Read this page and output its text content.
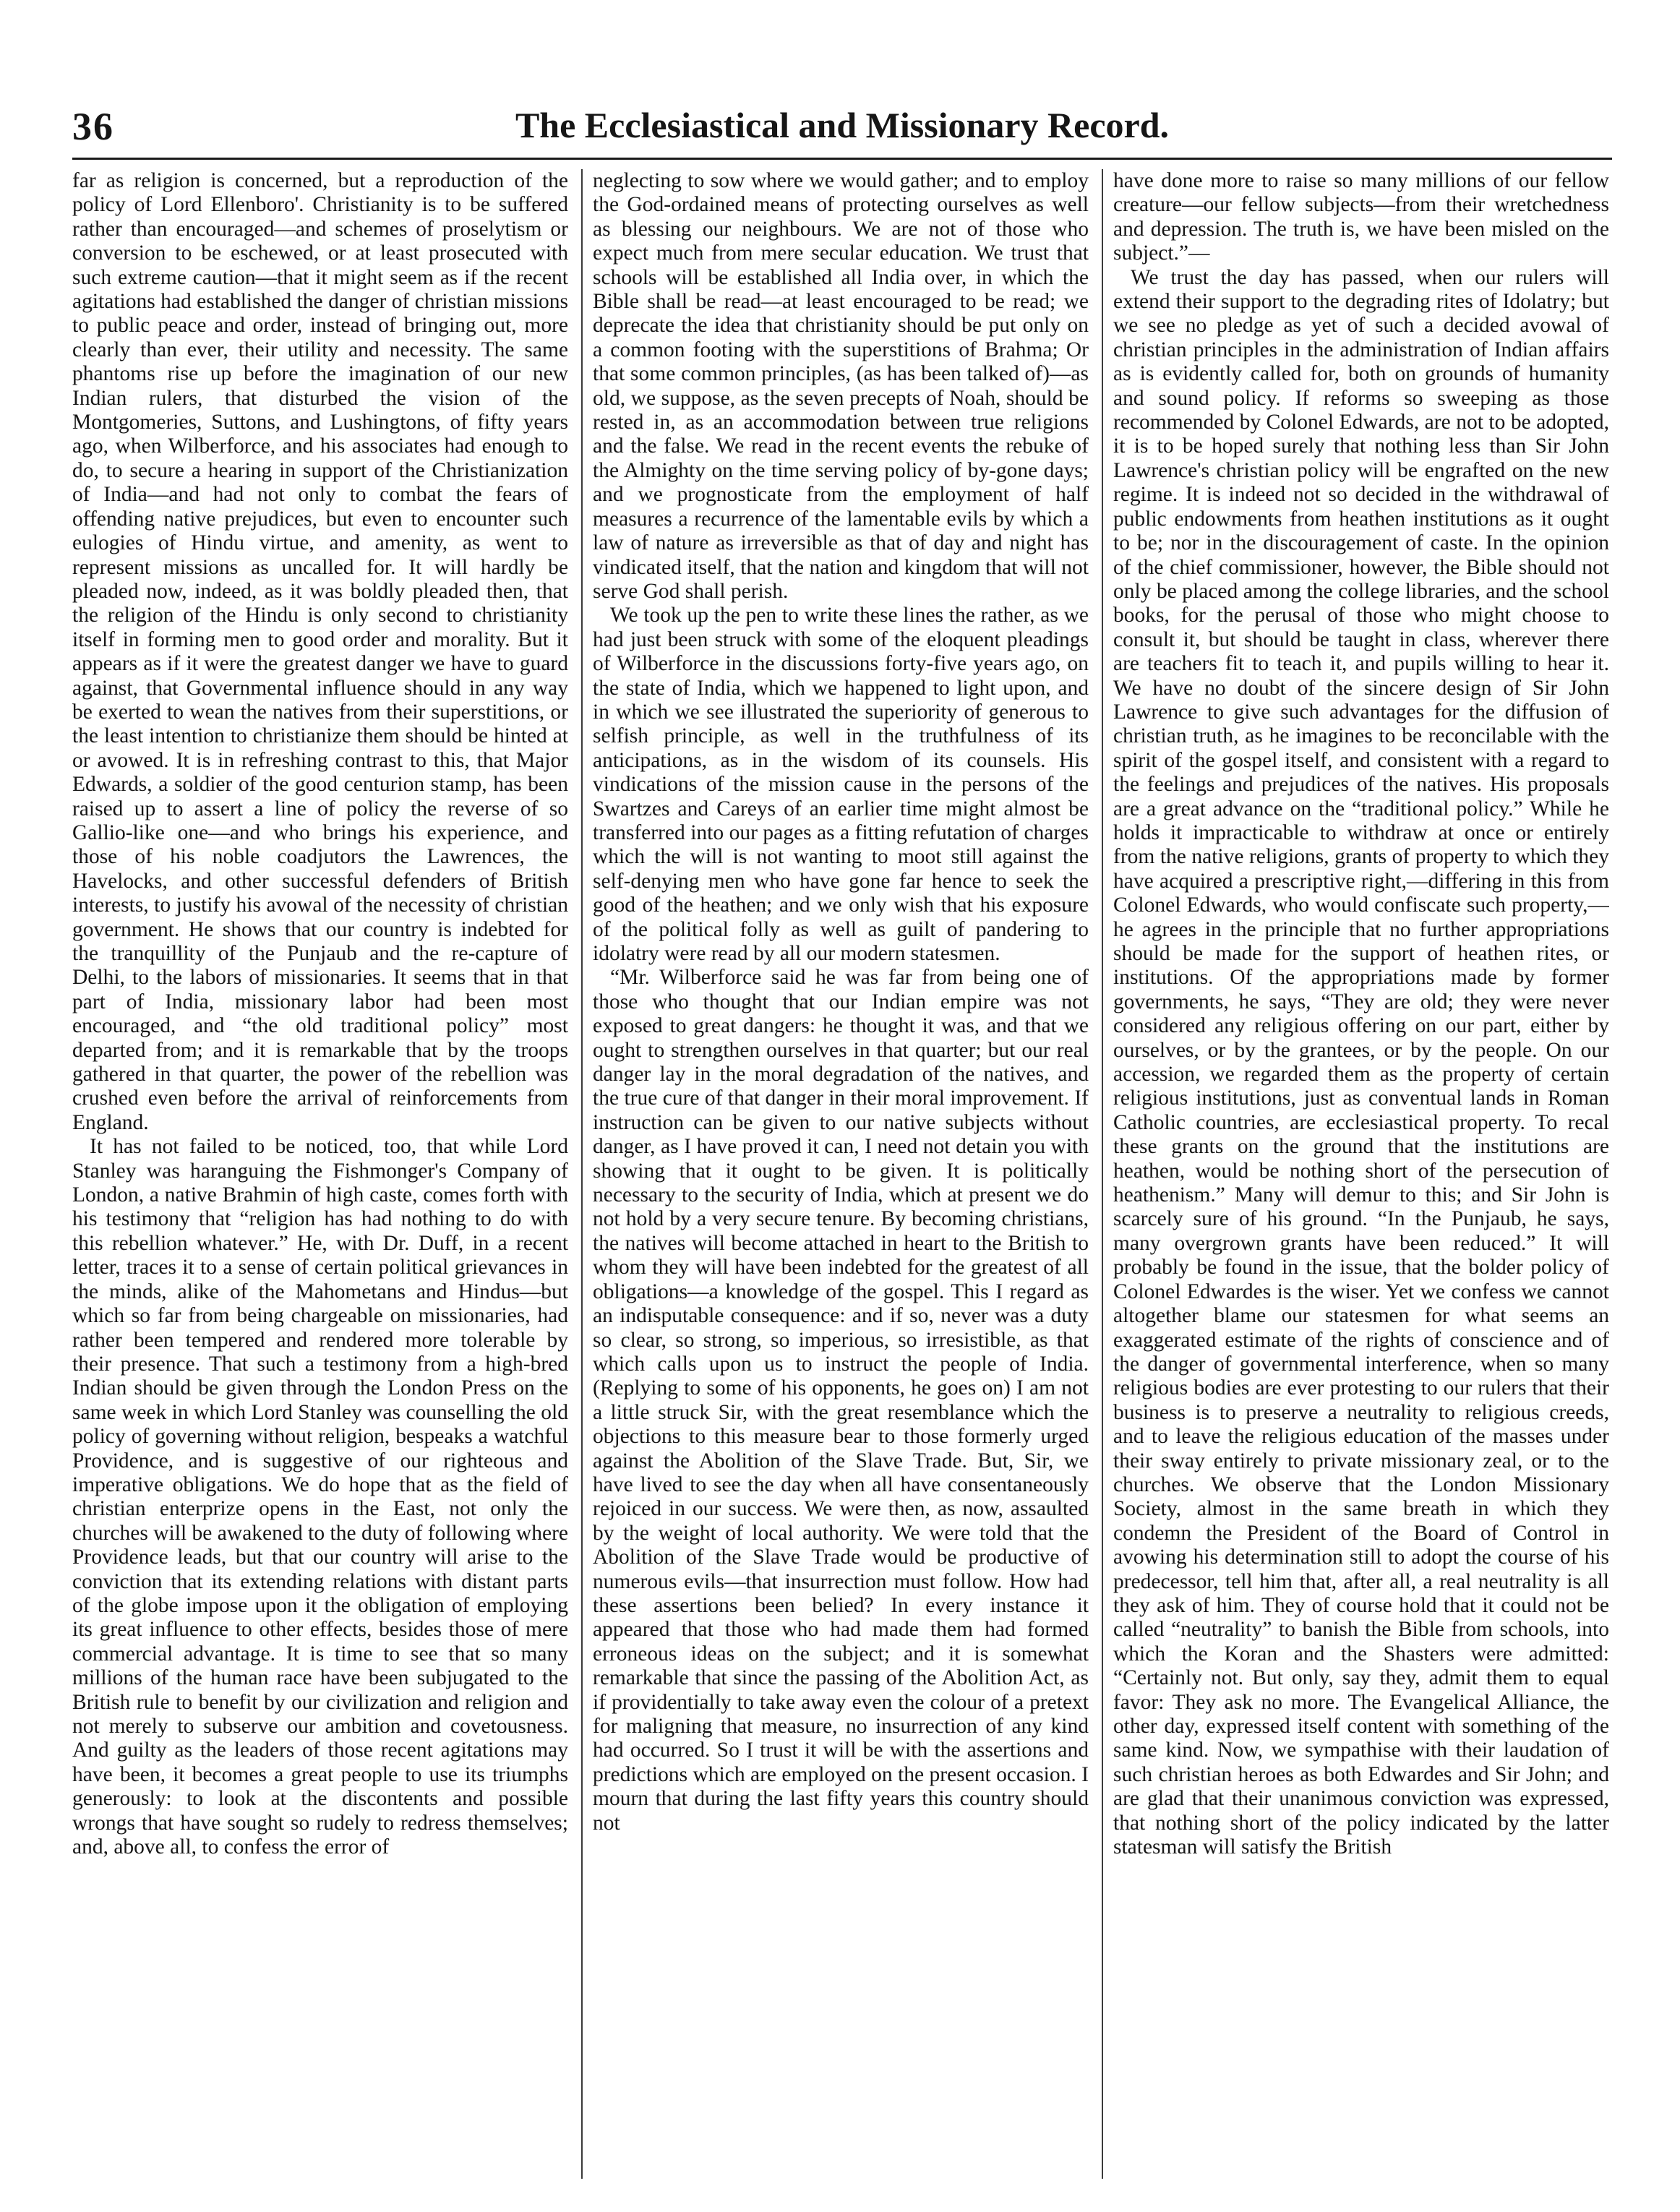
36	The Ecclesiastical and Missionary Record.

far as religion is concerned, but a reproduction of the policy of Lord Ellenboro'. Christianity is to be suffered rather than encouraged—and schemes of proselytism or conversion to be eschewed, or at least prosecuted with such extreme caution—that it might seem as if the recent agitations had established the danger of christian missions to public peace and order, instead of bringing out, more clearly than ever, their utility and necessity. The same phantoms rise up before the imagination of our new Indian rulers, that disturbed the vision of the Montgomeries, Suttons, and Lushingtons, of fifty years ago, when Wilberforce, and his associates had enough to do, to secure a hearing in support of the Christianization of India—and had not only to combat the fears of offending native prejudices, but even to encounter such eulogies of Hindu virtue, and amenity, as went to represent missions as uncalled for. It will hardly be pleaded now, indeed, as it was boldly pleaded then, that the religion of the Hindu is only second to christianity itself in forming men to good order and morality. But it appears as if it were the greatest danger we have to guard against, that Governmental influence should in any way be exerted to wean the natives from their superstitions, or the least intention to christianize them should be hinted at or avowed. It is in refreshing contrast to this, that Major Edwards, a soldier of the good centurion stamp, has been raised up to assert a line of policy the reverse of so Gallio-like one—and who brings his experience, and those of his noble coadjutors the Lawrences, the Havelocks, and other successful defenders of British interests, to justify his avowal of the necessity of christian government. He shows that our country is indebted for the tranquillity of the Punjaub and the re-capture of Delhi, to the labors of missionaries. It seems that in that part of India, missionary labor had been most encouraged, and “the old traditional policy” most departed from; and it is remarkable that by the troops gathered in that quarter, the power of the rebellion was crushed even before the arrival of reinforcements from England.

It has not failed to be noticed, too, that while Lord Stanley was haranguing the Fishmonger's Company of London, a native Brahmin of high caste, comes forth with his testimony that “religion has had nothing to do with this rebellion whatever.” He, with Dr. Duff, in a recent letter, traces it to a sense of certain political grievances in the minds, alike of the Mahometans and Hindus—but which so far from being chargeable on missionaries, had rather been tempered and rendered more tolerable by their presence. That such a testimony from a high-bred Indian should be given through the London Press on the same week in which Lord Stanley was counselling the old policy of governing without religion, bespeaks a watchful Providence, and is suggestive of our righteous and imperative obligations. We do hope that as the field of christian enterprize opens in the East, not only the churches will be awakened to the duty of following where Providence leads, but that our country will arise to the conviction that its extending relations with distant parts of the globe impose upon it the obligation of employing its great influence to other effects, besides those of mere commercial advantage. It is time to see that so many millions of the human race have been subjugated to the British rule to benefit by our civilization and religion and not merely to subserve our ambition and covetousness. And guilty as the leaders of those recent agitations may have been, it becomes a great people to use its triumphs generously: to look at the discontents and possible wrongs that have sought so rudely to redress themselves; and, above all, to confess the error of

neglecting to sow where we would gather; and to employ the God-ordained means of protecting ourselves as well as blessing our neighbours. We are not of those who expect much from mere secular education. We trust that schools will be established all India over, in which the Bible shall be read—at least encouraged to be read; we deprecate the idea that christianity should be put only on a common footing with the superstitions of Brahma; Or that some common principles, (as has been talked of)—as old, we suppose, as the seven precepts of Noah, should be rested in, as an accommodation between true religions and the false. We read in the recent events the rebuke of the Almighty on the time serving policy of by-gone days; and we prognosticate from the employment of half measures a recurrence of the lamentable evils by which a law of nature as irreversible as that of day and night has vindicated itself, that the nation and kingdom that will not serve God shall perish.

We took up the pen to write these lines the rather, as we had just been struck with some of the eloquent pleadings of Wilberforce in the discussions forty-five years ago, on the state of India, which we happened to light upon, and in which we see illustrated the superiority of generous to selfish principle, as well in the truthfulness of its anticipations, as in the wisdom of its counsels. His vindications of the mission cause in the persons of the Swartzes and Careys of an earlier time might almost be transferred into our pages as a fitting refutation of charges which the will is not wanting to moot still against the self-denying men who have gone far hence to seek the good of the heathen; and we only wish that his exposure of the political folly as well as guilt of pandering to idolatry were read by all our modern statesmen.

“Mr. Wilberforce said he was far from being one of those who thought that our Indian empire was not exposed to great dangers: he thought it was, and that we ought to strengthen ourselves in that quarter; but our real danger lay in the moral degradation of the natives, and the true cure of that danger in their moral improvement. If instruction can be given to our native subjects without danger, as I have proved it can, I need not detain you with showing that it ought to be given. It is politically necessary to the security of India, which at present we do not hold by a very secure tenure. By becoming christians, the natives will become attached in heart to the British to whom they will have been indebted for the greatest of all obligations—a knowledge of the gospel. This I regard as an indisputable consequence: and if so, never was a duty so clear, so strong, so imperious, so irresistible, as that which calls upon us to instruct the people of India. (Replying to some of his opponents, he goes on) I am not a little struck Sir, with the great resemblance which the objections to this measure bear to those formerly urged against the Abolition of the Slave Trade. But, Sir, we have lived to see the day when all have consentaneously rejoiced in our success. We were then, as now, assaulted by the weight of local authority. We were told that the Abolition of the Slave Trade would be productive of numerous evils—that insurrection must follow. How had these assertions been belied? In every instance it appeared that those who had made them had formed erroneous ideas on the subject; and it is somewhat remarkable that since the passing of the Abolition Act, as if providentially to take away even the colour of a pretext for maligning that measure, no insurrection of any kind had occurred. So I trust it will be with the assertions and predictions which are employed on the present occasion. I mourn that during the last fifty years this country should not

have done more to raise so many millions of our fellow creature—our fellow subjects—from their wretchedness and depression. The truth is, we have been misled on the subject.”—

We trust the day has passed, when our rulers will extend their support to the degrading rites of Idolatry; but we see no pledge as yet of such a decided avowal of christian principles in the administration of Indian affairs as is evidently called for, both on grounds of humanity and sound policy. If reforms so sweeping as those recommended by Colonel Edwards, are not to be adopted, it is to be hoped surely that nothing less than Sir John Lawrence's christian policy will be engrafted on the new regime. It is indeed not so decided in the withdrawal of public endowments from heathen institutions as it ought to be; nor in the discouragement of caste. In the opinion of the chief commissioner, however, the Bible should not only be placed among the college libraries, and the school books, for the perusal of those who might choose to consult it, but should be taught in class, wherever there are teachers fit to teach it, and pupils willing to hear it. We have no doubt of the sincere design of Sir John Lawrence to give such advantages for the diffusion of christian truth, as he imagines to be reconcilable with the spirit of the gospel itself, and consistent with a regard to the feelings and prejudices of the natives. His proposals are a great advance on the “traditional policy.” While he holds it impracticable to withdraw at once or entirely from the native religions, grants of property to which they have acquired a prescriptive right,—differing in this from Colonel Edwards, who would confiscate such property,—he agrees in the principle that no further appropriations should be made for the support of heathen rites, or institutions. Of the appropriations made by former governments, he says, “They are old; they were never considered any religious offering on our part, either by ourselves, or by the grantees, or by the people. On our accession, we regarded them as the property of certain religious institutions, just as conventual lands in Roman Catholic countries, are ecclesiastical property. To recal these grants on the ground that the institutions are heathen, would be nothing short of the persecution of heathenism.” Many will demur to this; and Sir John is scarcely sure of his ground. “In the Punjaub, he says, many overgrown grants have been reduced.” It will probably be found in the issue, that the bolder policy of Colonel Edwardes is the wiser. Yet we confess we cannot altogether blame our statesmen for what seems an exaggerated estimate of the rights of conscience and of the danger of governmental interference, when so many religious bodies are ever protesting to our rulers that their business is to preserve a neutrality to religious creeds, and to leave the religious education of the masses under their sway entirely to private missionary zeal, or to the churches. We observe that the London Missionary Society, almost in the same breath in which they condemn the President of the Board of Control in avowing his determination still to adopt the course of his predecessor, tell him that, after all, a real neutrality is all they ask of him. They of course hold that it could not be called “neutrality” to banish the Bible from schools, into which the Koran and the Shasters were admitted: “Certainly not. But only, say they, admit them to equal favor: They ask no more. The Evangelical Alliance, the other day, expressed itself content with something of the same kind. Now, we sympathise with their laudation of such christian heroes as both Edwardes and Sir John; and are glad that their unanimous conviction was expressed, that nothing short of the policy indicated by the latter statesman will satisfy the British
